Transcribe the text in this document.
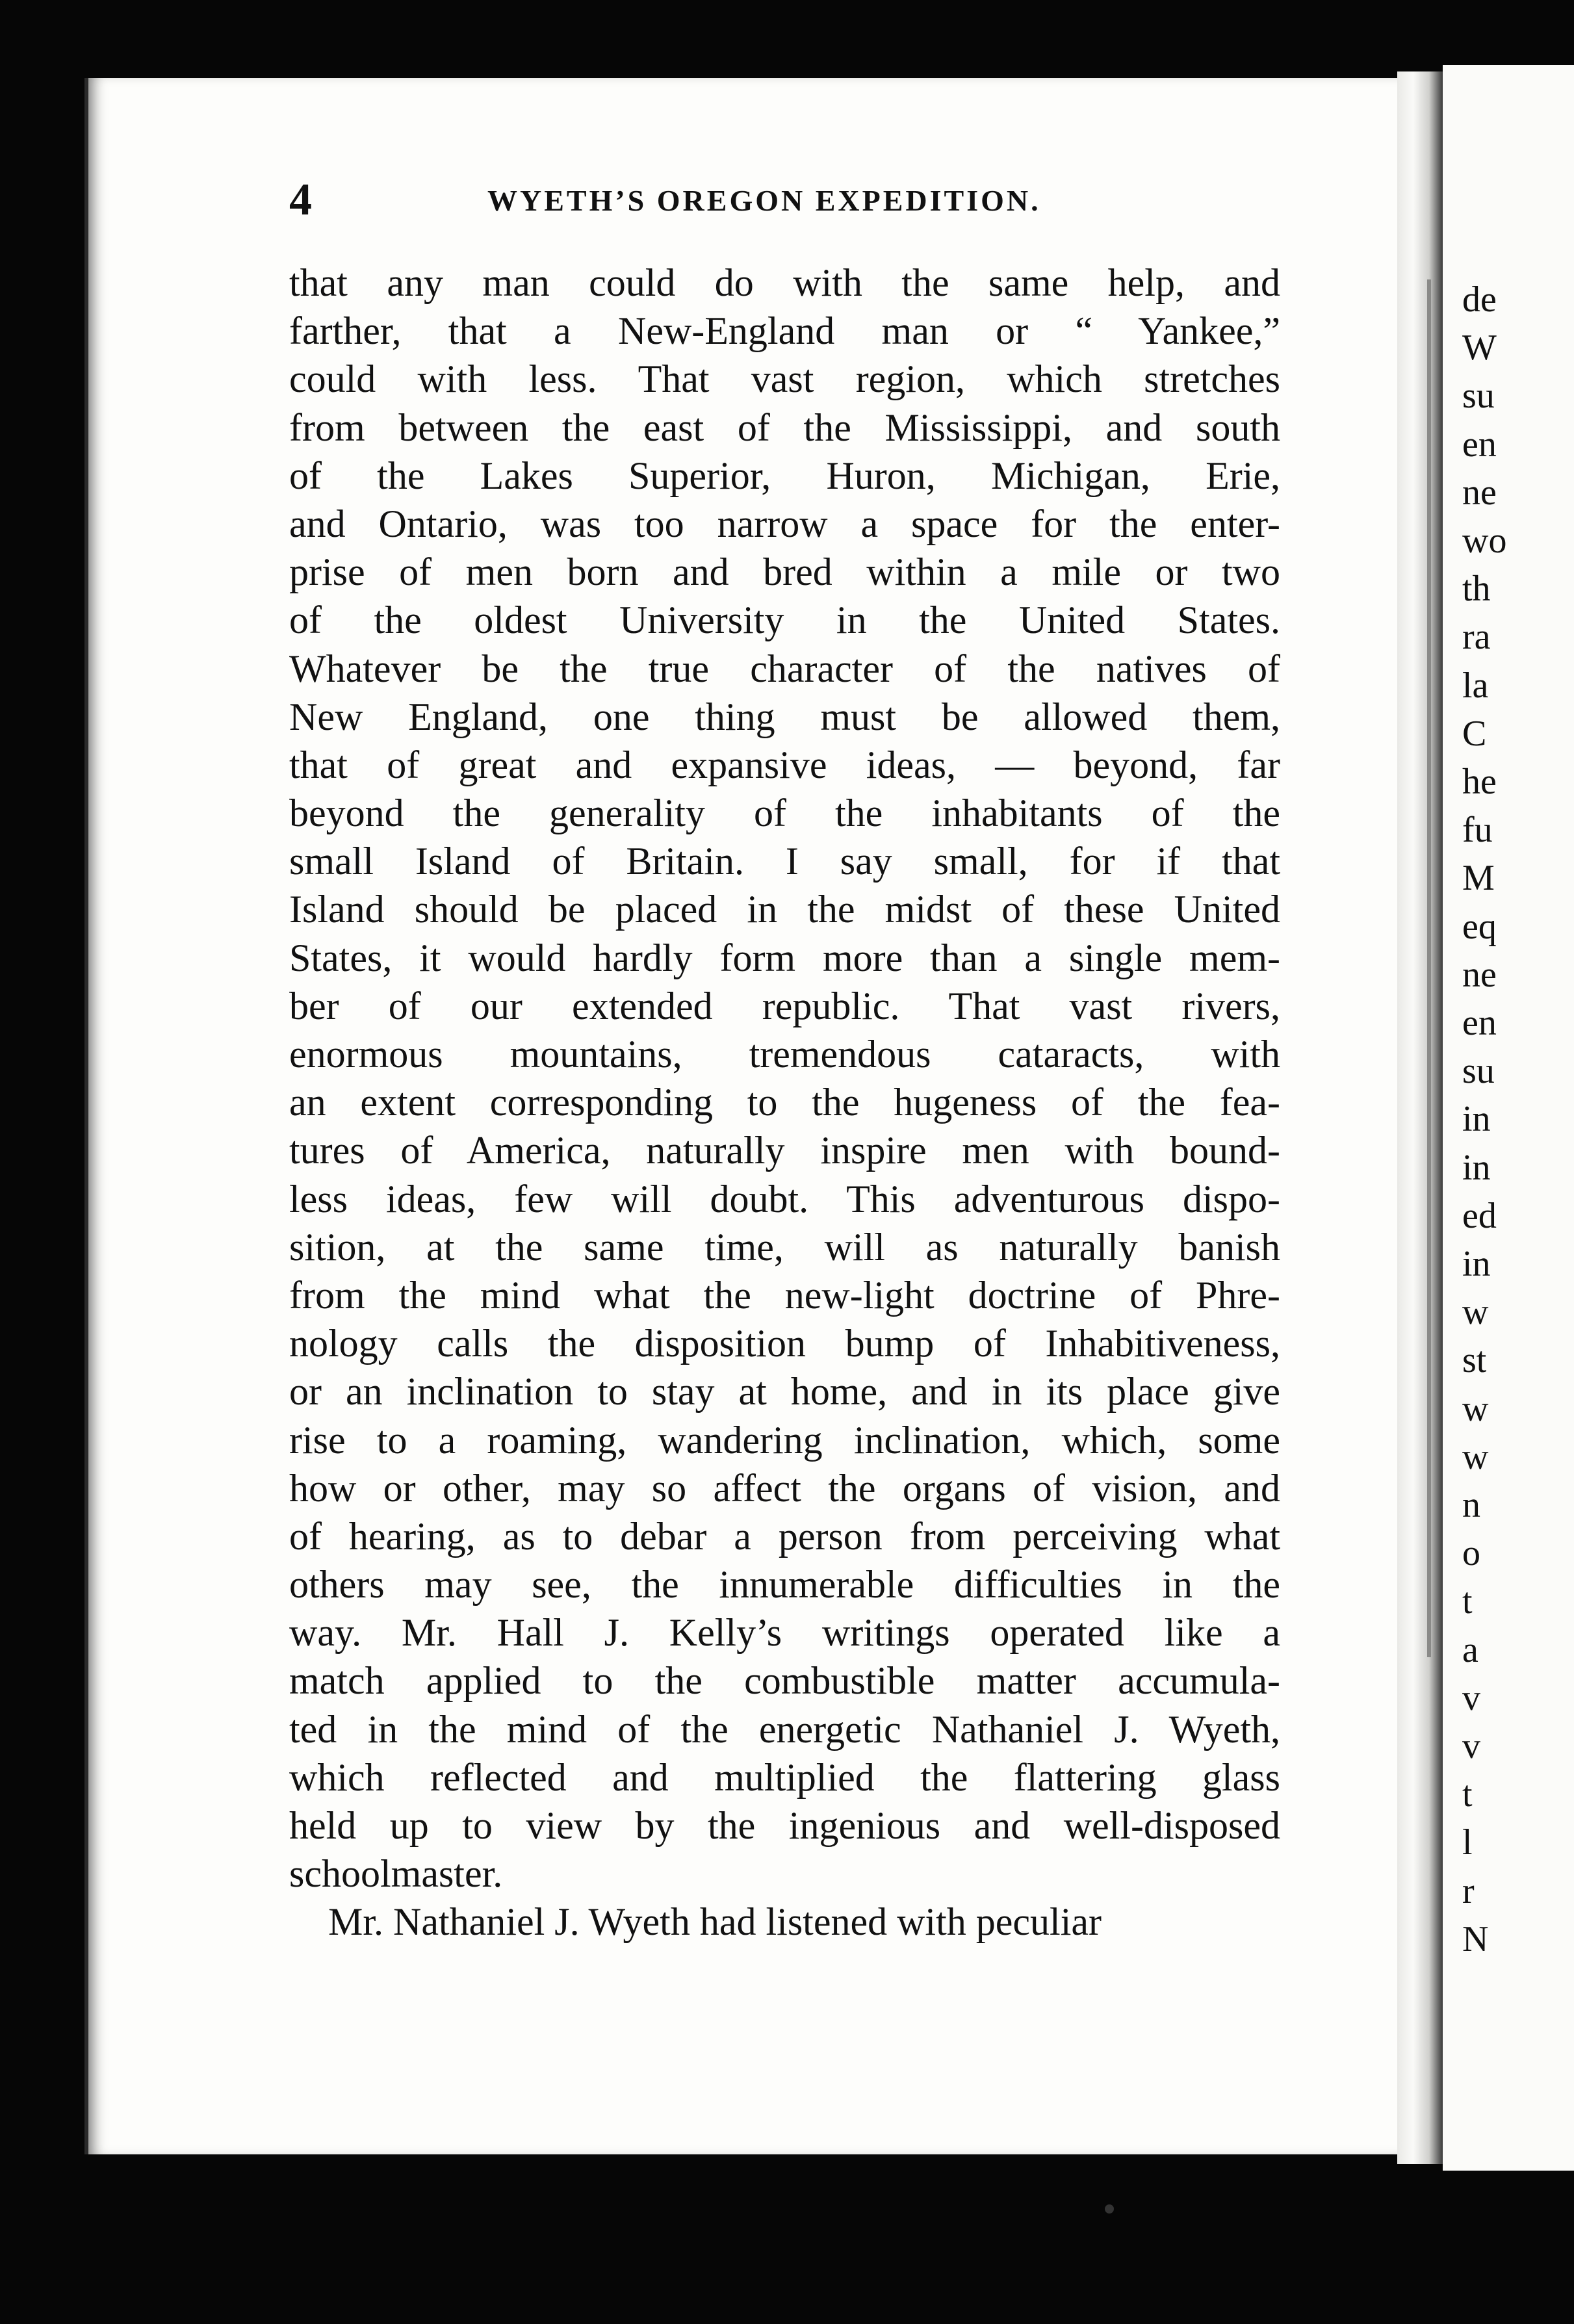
de
W
su
en
ne
wo
th
ra
la
C
he
fu
M
eq
ne
en
su
in
in
ed
in
w
st
w
w
n
o
t
a
v
v
t
l
r
N
4	WYETH’S OREGON EXPEDITION.
that any man could do with the same help, and
farther, that a New-England man or “ Yankee,”
could with less. That vast region, which stretches
from between the east of the Mississippi, and south
of the Lakes Superior, Huron, Michigan, Erie,
and Ontario, was too narrow a space for the enter-
prise of men born and bred within a mile or two
of the oldest University in the United States.
Whatever be the true character of the natives of
New England, one thing must be allowed them,
that of great and expansive ideas, — beyond, far
beyond the generality of the inhabitants of the
small Island of Britain. I say small, for if that
Island should be placed in the midst of these United
States, it would hardly form more than a single mem-
ber of our extended republic. That vast rivers,
enormous mountains, tremendous cataracts, with
an extent corresponding to the hugeness of the fea-
tures of America, naturally inspire men with bound-
less ideas, few will doubt. This adventurous dispo-
sition, at the same time, will as naturally banish
from the mind what the new-light doctrine of Phre-
nology calls the disposition bump of Inhabitiveness,
or an inclination to stay at home, and in its place give
rise to a roaming, wandering inclination, which, some
how or other, may so affect the organs of vision, and
of hearing, as to debar a person from perceiving what
others may see, the innumerable difficulties in the
way. Mr. Hall J. Kelly’s writings operated like a
match applied to the combustible matter accumula-
ted in the mind of the energetic Nathaniel J. Wyeth,
which reflected and multiplied the flattering glass
held up to view by the ingenious and well-disposed
schoolmaster.
Mr. Nathaniel J. Wyeth had listened with peculiar
